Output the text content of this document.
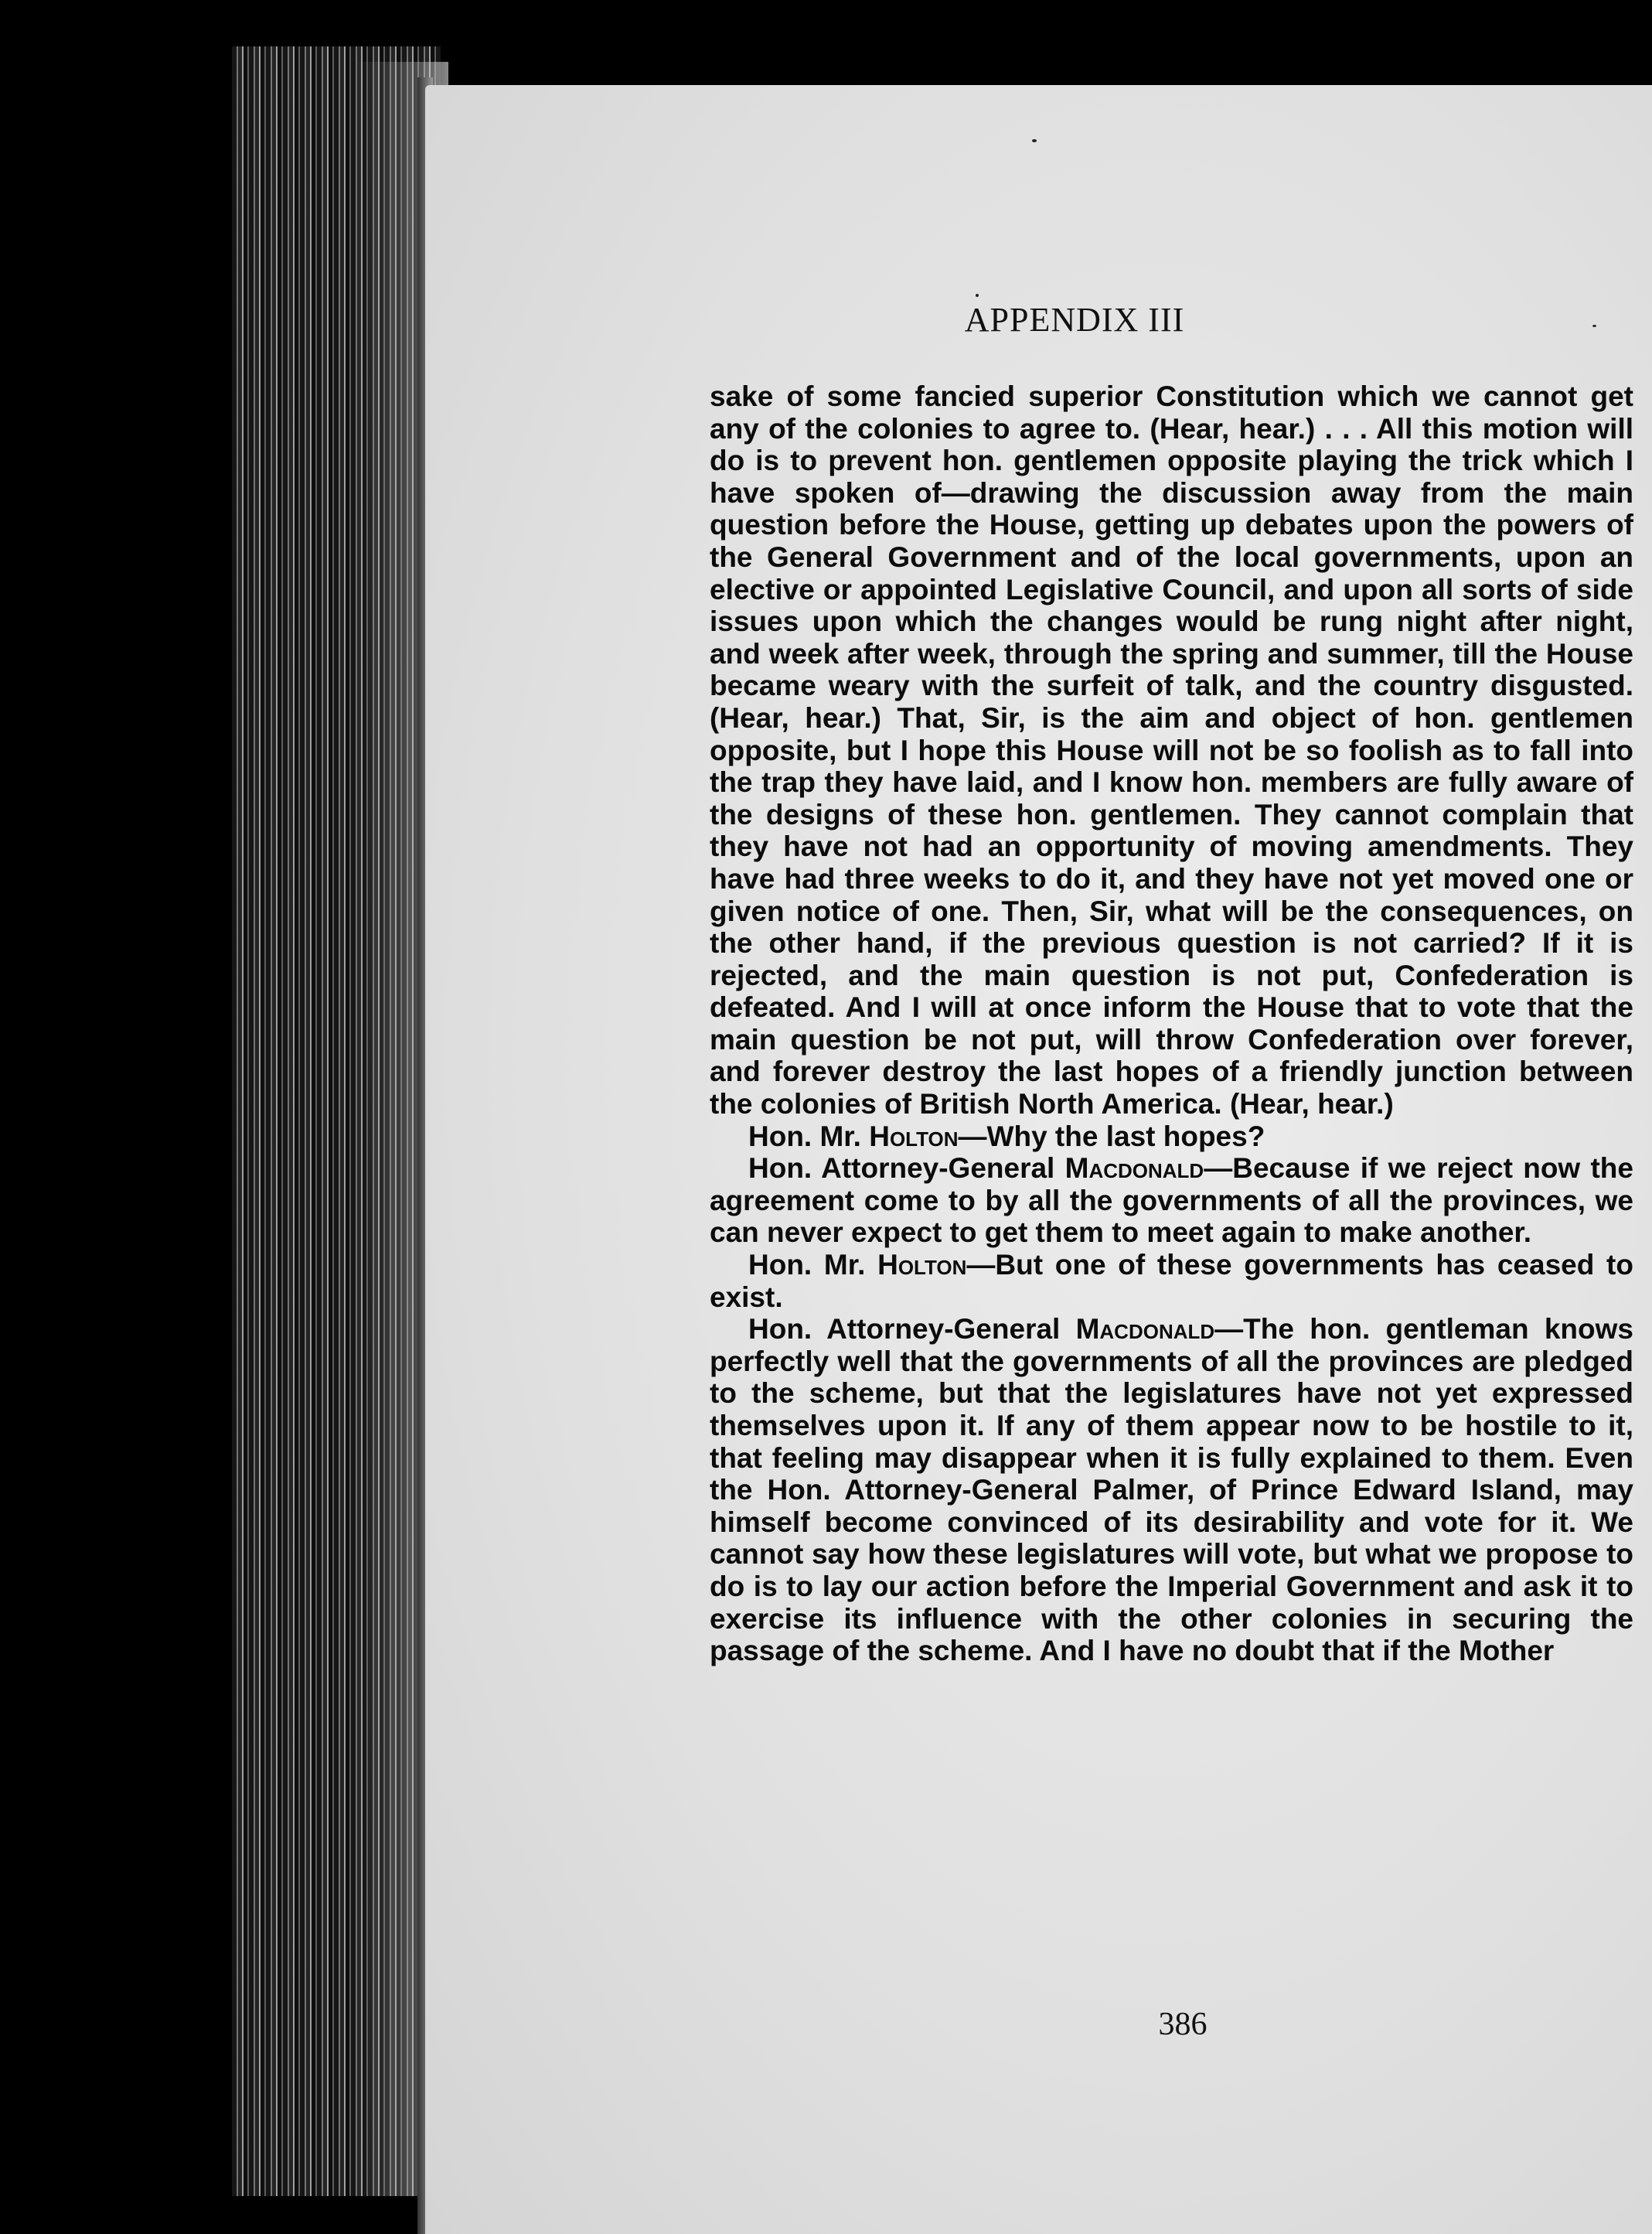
APPENDIX III

sake of some fancied superior Constitution which we cannot get any of the colonies to agree to. (Hear, hear.) . . . All this motion will do is to prevent hon. gentlemen opposite playing the trick which I have spoken of—drawing the discussion away from the main question before the House, getting up debates upon the powers of the General Government and of the local governments, upon an elective or appointed Legislative Council, and upon all sorts of side issues upon which the changes would be rung night after night, and week after week, through the spring and summer, till the House became weary with the surfeit of talk, and the country disgusted. (Hear, hear.) That, Sir, is the aim and object of hon. gentlemen opposite, but I hope this House will not be so foolish as to fall into the trap they have laid, and I know hon. members are fully aware of the designs of these hon. gentlemen. They cannot complain that they have not had an opportunity of moving amendments. They have had three weeks to do it, and they have not yet moved one or given notice of one. Then, Sir, what will be the consequences, on the other hand, if the previous question is not carried? If it is rejected, and the main question is not put, Confederation is defeated. And I will at once inform the House that to vote that the main question be not put, will throw Confederation over forever, and forever destroy the last hopes of a friendly junction between the colonies of British North America. (Hear, hear.)

Hon. Mr. Holton—Why the last hopes?

Hon. Attorney-General Macdonald—Because if we reject now the agreement come to by all the governments of all the provinces, we can never expect to get them to meet again to make another.

Hon. Mr. Holton—But one of these governments has ceased to exist.

Hon. Attorney-General Macdonald—The hon. gentleman knows perfectly well that the governments of all the provinces are pledged to the scheme, but that the legislatures have not yet expressed themselves upon it. If any of them appear now to be hostile to it, that feeling may disappear when it is fully explained to them. Even the Hon. Attorney-General Palmer, of Prince Edward Island, may himself become convinced of its desirability and vote for it. We cannot say how these legislatures will vote, but what we propose to do is to lay our action before the Imperial Government and ask it to exercise its influence with the other colonies in securing the passage of the scheme. And I have no doubt that if the Mother

386
